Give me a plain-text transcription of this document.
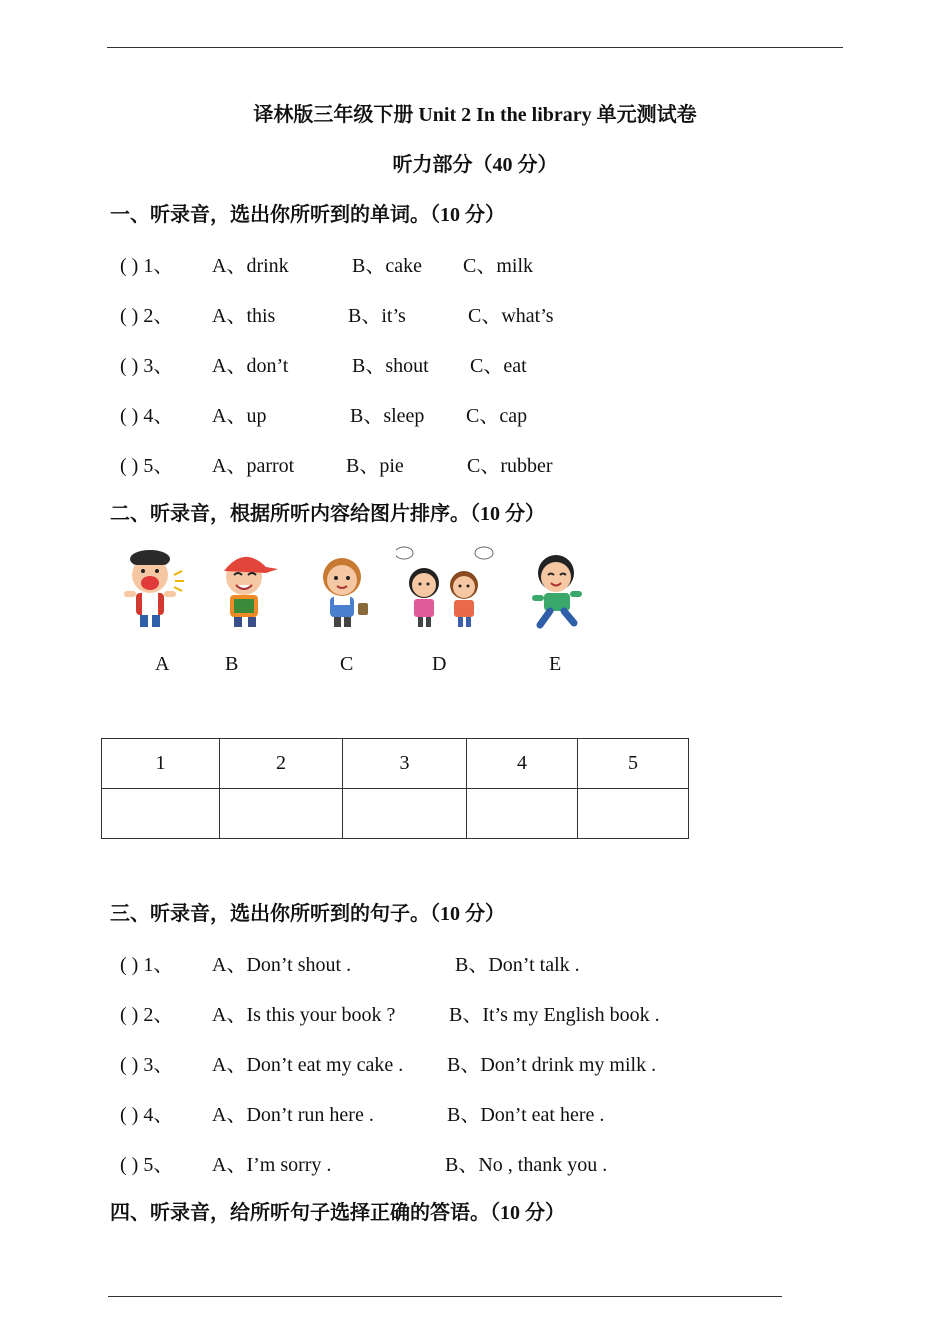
译林版三年级下册 Unit 2 In the library 单元测试卷
听力部分（40 分）
一、听录音，选出你所听到的单词。（10 分）
( ) 1、 A、drink	B、cake C、milk
( ) 2、 A、this	B、it’s	C、what’s
( ) 3、 A、don’t	B、shout C、eat
( ) 4、 A、up	B、sleep C、cap
( ) 5、 A、parrot	B、pie	C、rubber
二、听录音，根据所听内容给图片排序。（10 分）
A	B	C	D	E
1	2	3	4	5

三、听录音，选出你所听到的句子。（10 分）
( ) 1、 A、Don’t shout .	B、Don’t talk .
( ) 2、 A、Is this your book ?	B、It’s my English book .
( ) 3、 A、Don’t eat my cake . B、Don’t drink my milk .
( ) 4、 A、Don’t run here .	B、Don’t eat here .
( ) 5、 A、I’m sorry .	B、No , thank you .
四、听录音，给所听句子选择正确的答语。（10 分）
